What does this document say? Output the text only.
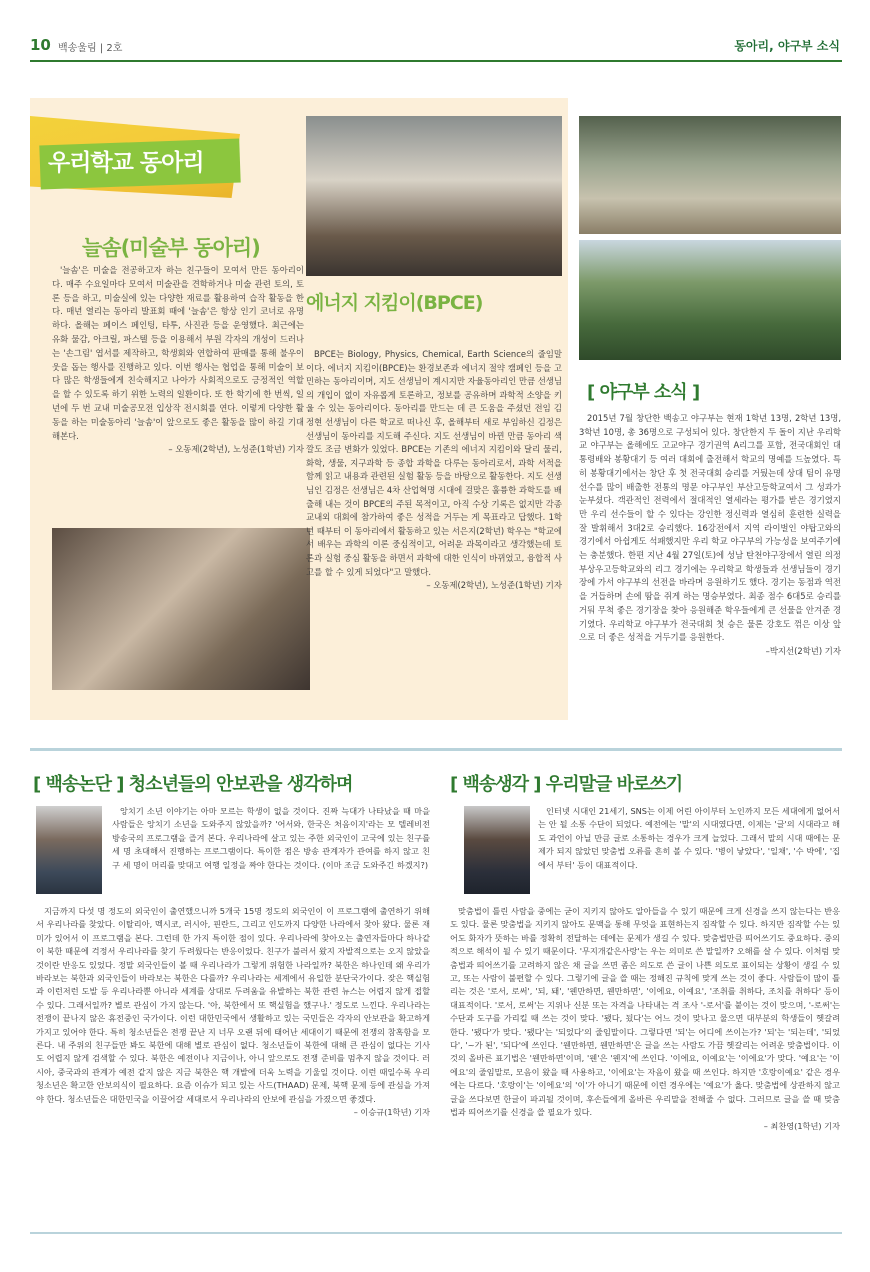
10 백송울림 | 2호	동아리, 야구부 소식
우리학교 동아리
늘솜(미술부 동아리)

'늘솜'은 미술을 전공하고자 하는 친구들이 모여서 만든 동아리이다. 매주 수요일마다 모여서 미술관을 견학하거나 미술 관련 토의, 토론 등을 하고, 미술실에 있는 다양한 재료를 활용하여 습작 활동을 한다. 매년 열리는 동아리 발표회 때에 '늘솜'은 항상 인기 코너로 유명하다. 올해는 페이스 페인팅, 타투, 사진관 등을 운영했다. 최근에는 유화 물감, 아크릴, 파스텔 등을 이용해서 부원 각자의 개성이 드러나는 '손그림' 엽서를 제작하고, 학생회와 연합하여 판매를 통해 불우이웃을 돕는 행사를 진행하고 있다. 이번 행사는 협업을 통해 미술이 보다 많은 학생들에게 친숙해지고 나아가 사회적으로도 긍정적인 역할을 할 수 있도록 하기 위한 노력의 일환이다. 또 한 학기에 한 번씩, 일 년에 두 번 교내 미술공모전 입상작 전시회를 연다. 이렇게 다양한 활동을 하는 미술동아리 '늘솜'이 앞으로도 좋은 활동을 많이 하길 기대해본다.

– 오동제(2학년), 노성준(1학년) 기자
에너지 지킴이(BPCE)

BPCE는 Biology, Physics, Chemical, Earth Science의 줄임말이다. 에너지 지킴이(BPCE)는 환경보존과 에너지 절약 캠페인 등을 고민하는 동아리이며, 지도 선생님이 계시지만 자율동아리인 만큼 선생님의 개입이 없이 자유롭게 토론하고, 정보를 공유하며 과학적 소양을 키울 수 있는 동아리이다. 동아리를 만드는 데 큰 도움을 주셨던 전임 김정현 선생님이 다른 학교로 떠나신 후, 올해부터 새로 부임하신 김정은 선생님이 동아리를 지도해 주신다. 지도 선생님이 바뀐 만큼 동아리 색깔도 조금 변화가 있었다. BPCE는 기존의 에너지 지킴이와 달리 물리, 화학, 생물, 지구과학 등 종합 과학을 다루는 동아리로서, 과학 서적을 함께 읽고 내용과 관련된 실험 활동 등을 바탕으로 활동한다. 지도 선생님인 김정은 선생님은 4차 산업혁명 시대에 걸맞은 훌륭한 과학도를 배출해 내는 것이 BPCE의 주된 목적이고, 아직 수상 기록은 없지만 각종 교내외 대회에 참가하여 좋은 성적을 거두는 게 목표라고 답했다. 1학년 때부터 이 동아리에서 활동하고 있는 서은지(2학년) 학우는 "학교에서 배우는 과학의 이론 중심적이고, 어려운 과목이라고 생각했는데 토론과 실험 중심 활동을 하면서 과학에 대한 인식이 바뀌었고, 융합적 사고를 할 수 있게 되었다"고 말했다.

– 오동제(2학년), 노성준(1학년) 기자
[ 야구부 소식 ]

2015년 7월 창단한 백송고 야구부는 현재 1학년 13명, 2학년 13명, 3학년 10명, 총 36명으로 구성되어 있다. 창단한지 두 돌이 지난 우리학교 야구부는 올해에도 고교야구 경기권역 A리그를 포함, 전국대회인 대통령배와 봉황대기 등 여러 대회에 출전해서 학교의 명예를 드높였다. 특히 봉황대기에서는 창단 후 첫 전국대회 승리를 거뒀는데 상대 팀이 유명 선수를 많이 배출한 전통의 명문 야구부인 부산고등학교여서 그 성과가 눈부셨다. 객관적인 전력에서 절대적인 열세라는 평가를 받은 경기였지만 우리 선수들이 할 수 있다는 강인한 정신력과 열심히 훈련한 실력을 잘 발휘해서 3대2로 승리했다. 16강전에서 지역 라이벌인 야탑고와의 경기에서 아쉽게도 석패했지만 우리 학교 야구부의 가능성을 보여주기에는 충분했다. 한편 지난 4월 27일(토)에 성남 탄천야구장에서 열린 의정부상우고등학교와의 리그 경기에는 우리학교 학생들과 선생님들이 경기장에 가서 야구부의 선전을 바라며 응원하기도 했다. 경기는 동점과 역전을 거듭하며 손에 땀을 쥐게 하는 명승부였다. 최종 점수 6대5로 승리를 거둬 무척 좋은 경기장을 찾아 응원해준 학우들에게 큰 선물을 안겨준 경기였다. 우리학교 야구부가 전국대회 첫 승은 물론 강호도 꺾은 이상 앞으로 더 좋은 성적을 거두기를 응원한다.

–박지선(2학년) 기자
[ 백송논단 ] 청소년들의 안보관을 생각하며

앙치기 소년 이야기는 아마 모르는 학생이 없을 것이다. 진짜 늑대가 나타났을 때 마을 사람들은 앙치기 소년을 도와주지 않았을까? '어서와, 한국은 처음이지'라는 모 텔레비전 방송국의 프로그램을 즐겨 본다. 우리나라에 살고 있는 주한 외국인이 고국에 있는 친구를 세 명 초대해서 진행하는 프로그램이다. 특이한 점은 방송 관계자가 관여를 하지 않고 친구 세 명이 머리를 맞대고 여행 일정을 짜야 한다는 것이다. (이마 조금 도와주긴 하겠지?)

지금까지 다섯 명 정도의 외국인이 출연했으니까 5개국 15명 정도의 외국인이 이 프로그램에 출연하기 위해서 우리나라를 찾았다. 이탈리아, 멕시코, 러시아, 핀란드, 그리고 인도까지 다양한 나라에서 찾아 왔다. 물론 재미가 있어서 이 프로그램을 본다. 그런데 한 가지 특이한 점이 있다. 우리나라에 찾아오는 출연자들마다 하나같이 북한 때문에 걱정서 우리나라를 찾기 두려웠다는 반응이었다. 친구가 불러서 왔지 자발적으로는 오지 않았을 것이란 반응도 있었다. 정말 외국인들이 볼 때 우리나라가 그렇게 위험한 나라일까? 북한은 하나인데 왜 우리가 바라보는 북한과 외국인들이 바라보는 북한은 다를까? 우리나라는 세계에서 유일한 분단국가이다. 잦은 핵실험과 이런저런 도발 등 우리나라뿐 아니라 세계를 상대로 두려움을 유발하는 북한 관련 뉴스는 어렵지 않게 접할 수 있다. 그래서일까? 별로 관심이 가지 않는다. '아, 북한에서 또 핵실험을 했구나.' 정도로 느낀다. 우리나라는 전쟁이 끝나지 않은 휴전중인 국가이다. 이런 대한민국에서 생활하고 있는 국민들은 각자의 안보관을 확고하게 가지고 있어야 한다. 특히 청소년들은 전쟁 끝난 지 너무 오랜 뒤에 태어난 세대이기 때문에 전쟁의 참혹함을 모른다. 내 주위의 친구들만 봐도 북한에 대해 별로 관심이 없다. 청소년들이 북한에 대해 큰 관심이 없다는 기사도 어렵지 않게 검색할 수 있다. 북한은 예전이나 지금이나, 아니 앞으로도 전쟁 준비를 멈추지 않을 것이다. 러시아, 중국과의 관계가 예전 같지 않은 지금 북한은 핵 개발에 더욱 노력을 기울일 것이다. 이런 때일수록 우리 청소년은 확고한 안보의식이 필요하다. 요즘 이슈가 되고 있는 사드(THAAD) 문제, 북핵 문제 등에 관심을 가져야 한다. 청소년들은 대한민국을 이끌어갈 세대로서 우리나라의 안보에 관심을 가졌으면 좋겠다.

– 이승규(1학년) 기자
[ 백송생각 ] 우리말글 바로쓰기

인터넷 시대인 21세기, SNS는 이제 어린 아이부터 노인까지 모든 세대에게 없어서는 안 될 소통 수단이 되었다. 예전에는 '말'의 시대였다면, 이제는 '글'의 시대라고 해도 과언이 아닐 만큼 글로 소통하는 경우가 크게 늘었다. 그래서 말의 시대 때에는 문제가 되지 않았던 맞춤법 오류를 흔히 볼 수 있다. '병이 낳았다', '일채', '수 박에', '집에서 부터' 등이 대표적이다.

맞춤법이 틀린 사람을 중에는 굳이 지키지 않아도 알아들을 수 있기 때문에 크게 신경을 쓰지 않는다는 반응도 있다. 물론 맞춤법을 지키지 않아도 문맥을 통해 무엇을 표현하는지 짐작할 수 있다. 하지만 짐작할 수는 있어도 화자가 뜻하는 바를 정확히 전달하는 데에는 문제가 생길 수 있다. 맞춤법만큼 띄어쓰기도 중요하다. 중의적으로 해석이 될 수 있기 때문이다. '무지개같은사랑'는 우는 의미로 쓴 말일까? 오해를 살 수 있다. 이처럼 맞춤법과 띄어쓰기를 고려하지 않은 채 글을 쓰면 좀은 의도로 쓴 글이 나쁜 의도로 표이되는 상황이 생길 수 있고, 또는 사람이 불편할 수 있다. 그렇기에 글을 쓸 때는 정해진 규칙에 맞게 쓰는 것이 좋다. 사람들이 많이 틀리는 것은 '로서, 로써', '되, 돼', '웬만하면, 웬만하면', '이에요, 이예요', '조취를 취하다, 조치를 취하다' 등이 대표적이다. '로서, 로써'는 지위나 신분 또는 자격을 나타내는 격 조사 '-로서'를 붙이는 것이 맞으며, '-로써'는 수단과 도구를 가리킬 때 쓰는 것이 맞다. '됐다, 됬다'는 어느 것이 맞나고 물으면 대부분의 학생들이 헷갈려 한다. '됐다'가 맞다. '됐다'는 '되었다'의 줄임말이다. 그렇다면 '되'는 어디에 쓰이는가? '되'는 '되는데', '되었다', '~가 된', '되다'에 쓰인다. '웬만하면, 웬만하면'은 글을 쓰는 사람도 가끔 헷갈리는 어려운 맞춤법이다. 이것의 올바른 표기법은 '웬만하면'이며, '웬'은 '웬지'에 쓰인다. '이에요, 이예요'는 '이에요'가 맞다. '예요'는 '이에요'의 줄임말로, 모음이 왔을 때 사용하고, '이에요'는 자음이 왔을 때 쓰인다. 하지만 '호랑이예요' 같은 경우에는 다르다. '호랑이'는 '이에요'의 '이'가 아니기 때문에 이런 경우에는 '예요'가 옳다. 맞춤법에 상관하지 않고 글을 쓰다보면 한글이 파괴될 것이며, 후손들에게 올바른 우리말을 전해줄 수 없다. 그러므로 글을 쓸 때 맞춤법과 띄어쓰기를 신경을 쓸 필요가 있다.

– 최찬영(1학년) 기자
